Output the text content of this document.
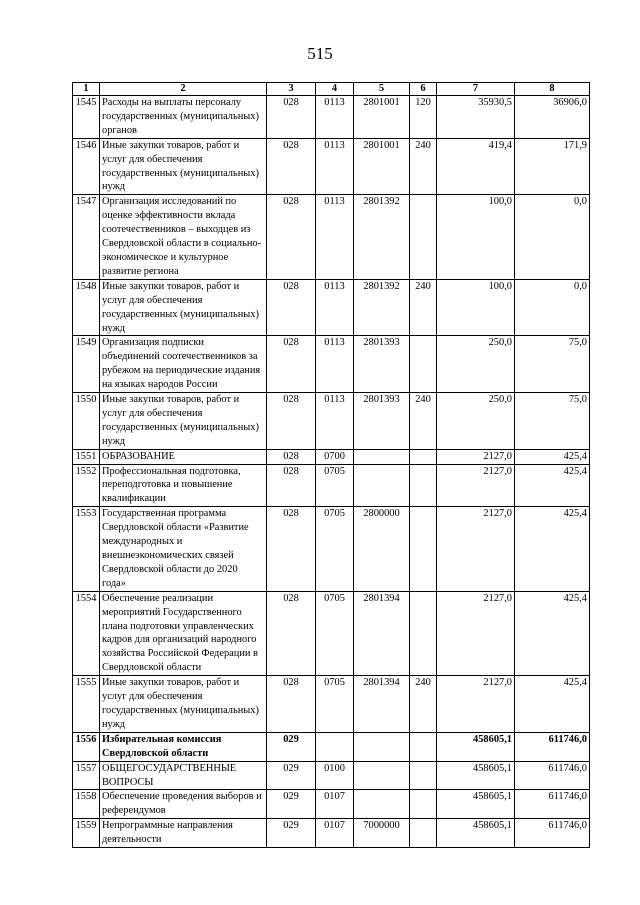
515
1	2	3	4	5	6	7	8
1545	Расходы на выплаты персоналу государственных (муниципальных) органов	028	0113	2801001	120	35930,5	36906,0
1546	Иные закупки товаров, работ и услуг для обеспечения государственных (муниципальных) нужд	028	0113	2801001	240	419,4	171,9
1547	Организация исследований по оценке эффективности вклада соотечественников – выходцев из Свердловской области в социально-экономическое и культурное развитие региона	028	0113	2801392		100,0	0,0
1548	Иные закупки товаров, работ и услуг для обеспечения государственных (муниципальных) нужд	028	0113	2801392	240	100,0	0,0
1549	Организация подписки объединений соотечественников за рубежом на периодические издания на языках народов России	028	0113	2801393		250,0	75,0
1550	Иные закупки товаров, работ и услуг для обеспечения государственных (муниципальных) нужд	028	0113	2801393	240	250,0	75,0
1551	ОБРАЗОВАНИЕ	028	0700			2127,0	425,4
1552	Профессиональная подготовка, переподготовка и повышение квалификации	028	0705			2127,0	425,4
1553	Государственная программа Свердловской области «Развитие международных и внешнеэкономических связей Свердловской области до 2020 года»	028	0705	2800000		2127,0	425,4
1554	Обеспечение реализации мероприятий Государственного плана подготовки управленческих кадров для организаций народного хозяйства Российской Федерации в Свердловской области	028	0705	2801394		2127,0	425,4
1555	Иные закупки товаров, работ и услуг для обеспечения государственных (муниципальных) нужд	028	0705	2801394	240	2127,0	425,4
1556	Избирательная комиссия Свердловской области	029				458605,1	611746,0
1557	ОБЩЕГОСУДАРСТВЕННЫЕ ВОПРОСЫ	029	0100			458605,1	611746,0
1558	Обеспечение проведения выборов и референдумов	029	0107			458605,1	611746,0
1559	Непрограммные направления деятельности	029	0107	7000000		458605,1	611746,0
